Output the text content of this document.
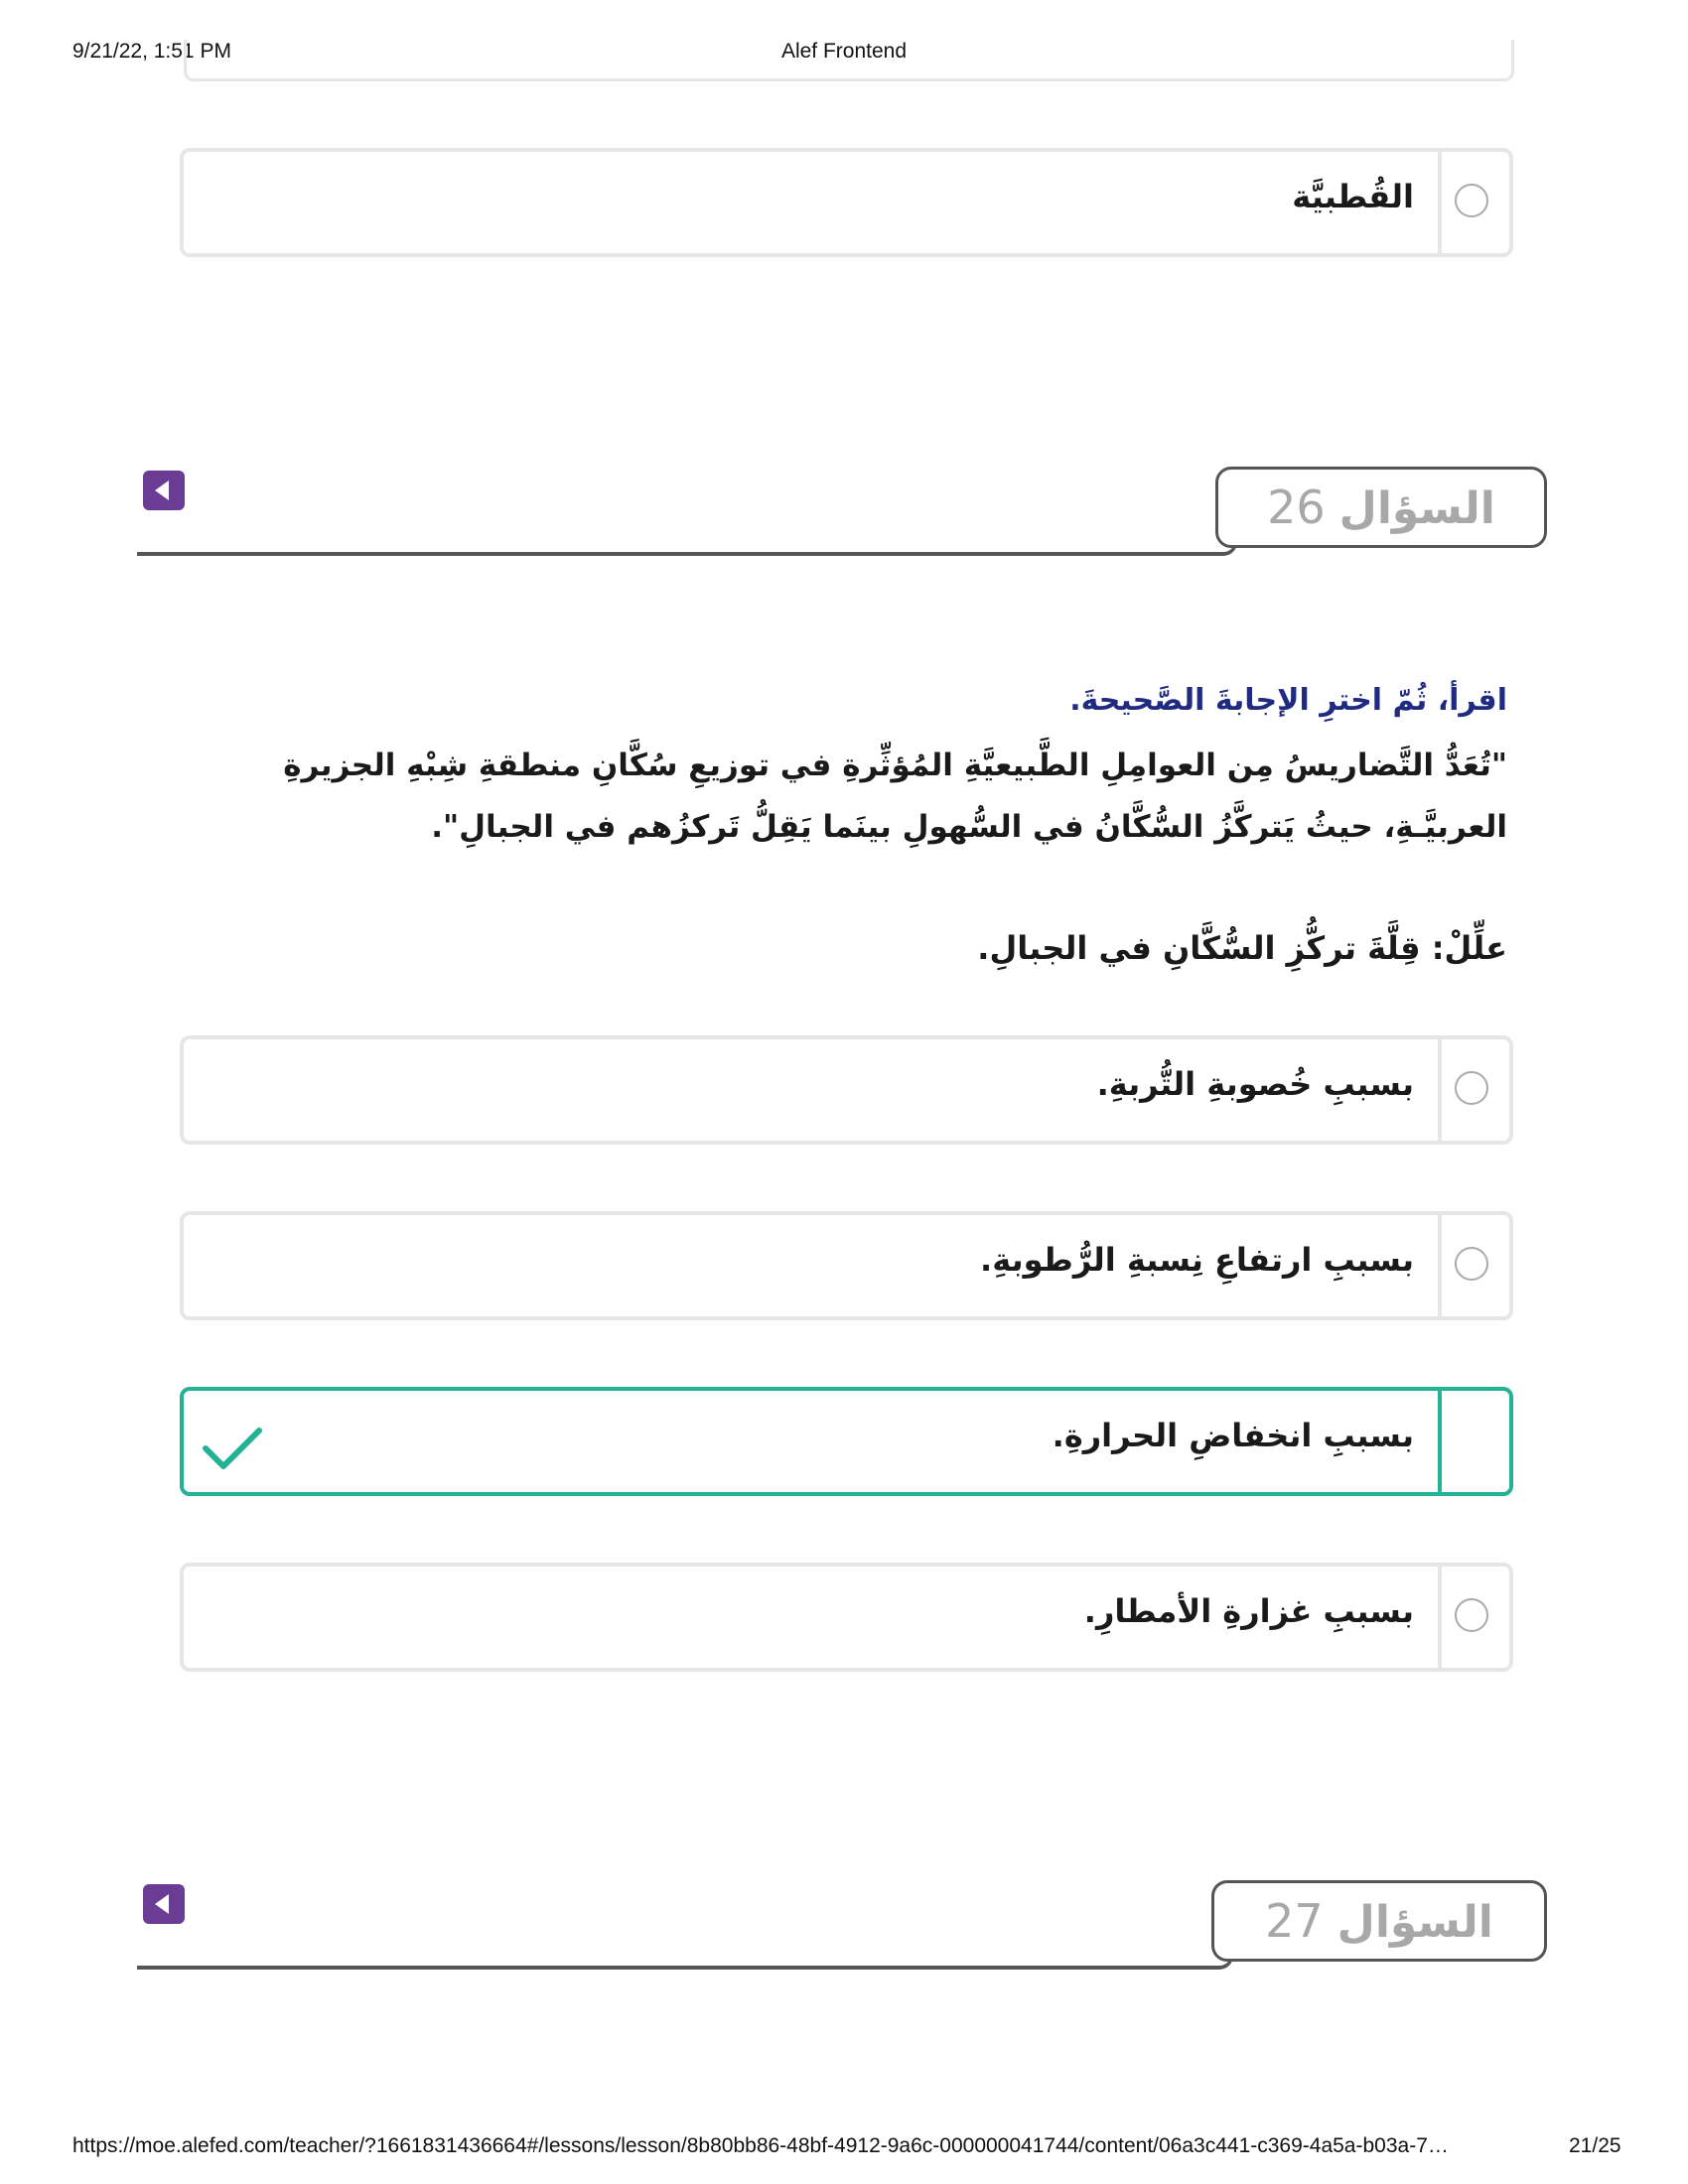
9/21/22, 1:51 PM	Alef Frontend
القُطبيَّة
السؤال26
اقرأ، ثُمّ اخترِ الإجابةَ الصَّحيحةَ.
"تُعَدُّ التَّضاريسُ مِن العوامِلِ الطَّبيعيَّةِ المُؤثِّرةِ في توزيعِ سُكَّانِ منطقةِ شِبْهِ الجزيرةِ العربيَّـةِ، حيثُ يَتركَّزُ السُّكَّانُ في السُّهولِ بينَما يَقِلُّ تَركزُهم في الجبالِ".
علِّلْ: قِلَّةَ تركُّزِ السُّكَّانِ في الجبالِ.
بسببِ خُصوبةِ التُّربةِ.
بسببِ ارتفاعِ نِسبةِ الرُّطوبةِ.
بسببِ انخفاضِ الحرارةِ.
بسببِ غزارةِ الأمطارِ.
السؤال27
https://moe.alefed.com/teacher/?1661831436664#/lessons/lesson/8b80bb86-48bf-4912-9a6c-000000041744/content/06a3c441-c369-4a5a-b03a-7…	21/25
